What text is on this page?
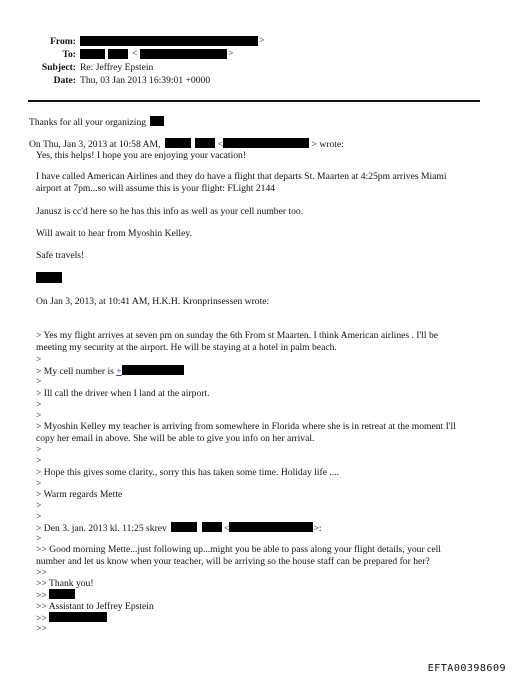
From:	>
To:	<	>
Subject: Re: Jeffrey Epstein
Date: Thu, 03 Jan 2013 16:39:01 +0000
Thanks for all your organizing
On Thu, Jan 3, 2013 at 10:58 AM,	<	> wrote:
Yes, this helps! I hope you are enjoying your vacation!
I have called American Airlines and they do have a flight that departs St. Maarten at 4:25pm arrives Miami
airport at 7pm...so will assume this is your flight: FLight 2144
Janusz is cc'd here so he has this info as well as your cell number too.
Will await to hear from Myoshin Kelley.
Safe travels!
On Jan 3, 2013, at 10:41 AM, H.K.H. Kronprinsessen wrote:
> Yes my flight arrives at seven pm on sunday the 6th From st Maarten. I think American airlines . I'll be
meeting my security at the airport. He will be staying at a hotel in palm beach.
>
> My cell number is +
>
> Ill call the driver when I land at the airport.
>
>
> Myoshin Kelley my teacher is arriving from somewhere in Florida where she is in retreat at the moment I'll
copy her email in above. She will be able to give you info on her arrival.
>
>
> Hope this gives some clarity., sorry this has taken some time. Holiday life ....
>
> Warm regards Mette
>
>
> Den 3. jan. 2013 kl. 11:25 skrev	<	>:
>
>> Good morning Mette...just following up...might you be able to pass along your flight details, your cell
number and let us know when your teacher, will be arriving so the house staff can be prepared for her?
>>
>> Thank you!
>>
>> Assistant to Jeffrey Epstein
>>
>>
EFTA00398609
